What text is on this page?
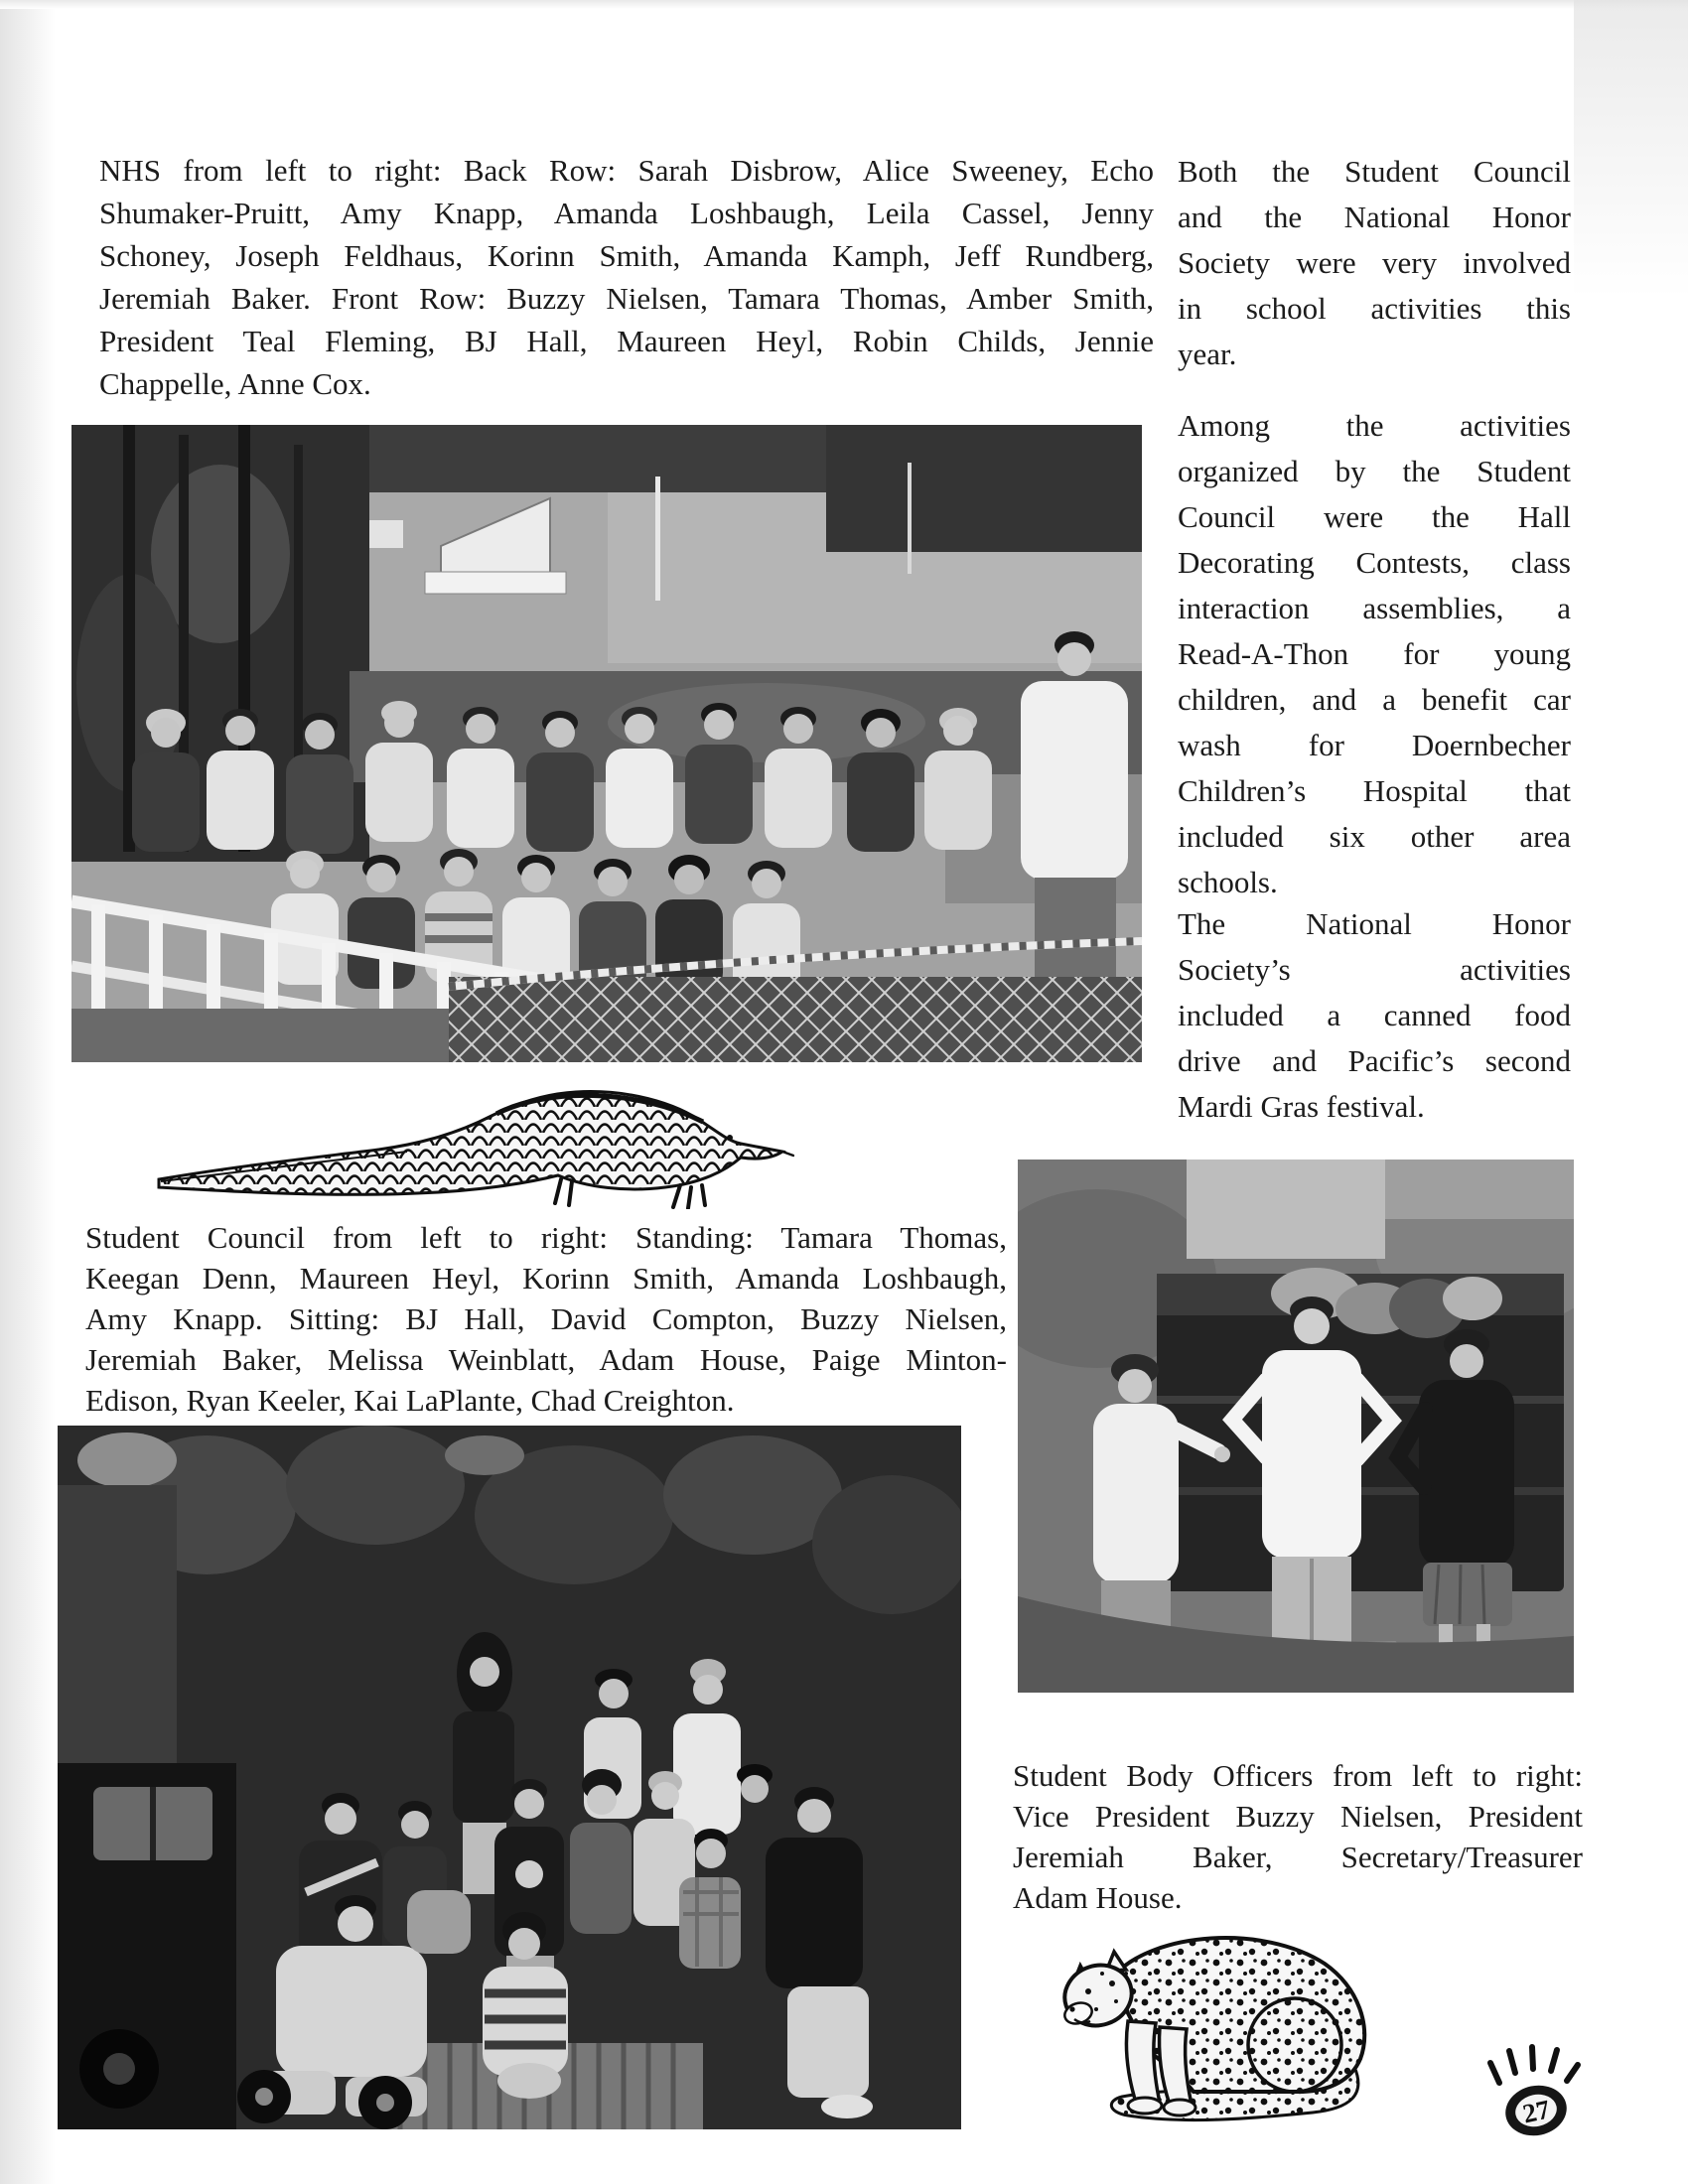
NHS from left to right: Back Row: Sarah Disbrow, Alice Sweeney, Echo
Shumaker-Pruitt, Amy Knapp, Amanda Loshbaugh, Leila Cassel, Jenny
Schoney, Joseph Feldhaus, Korinn Smith, Amanda Kamph, Jeff Rundberg,
Jeremiah Baker. Front Row: Buzzy Nielsen, Tamara Thomas, Amber Smith,
President Teal Fleming, BJ Hall, Maureen Heyl, Robin Childs, Jennie
Chappelle, Anne Cox.
Both the Student Council
and the National Honor
Society were very involved
in school activities this
year.
Among the activities
organized by the Student
Council were the Hall
Decorating Contests, class
interaction assemblies, a
Read-A-Thon for young
children, and a benefit car
wash for Doernbecher
Children’s Hospital that
included six other area
schools.
The National Honor
Society’s activities
included a canned food
drive and Pacific’s second
Mardi Gras festival.
Student Council from left to right: Standing: Tamara Thomas,
Keegan Denn, Maureen Heyl, Korinn Smith, Amanda Loshbaugh,
Amy Knapp. Sitting: BJ Hall, David Compton, Buzzy Nielsen,
Jeremiah Baker, Melissa Weinblatt, Adam House, Paige Minton-
Edison, Ryan Keeler, Kai LaPlante, Chad Creighton.
Student Body Officers from left to right:
Vice President Buzzy Nielsen, President
Jeremiah Baker, Secretary/Treasurer
Adam House.
27
